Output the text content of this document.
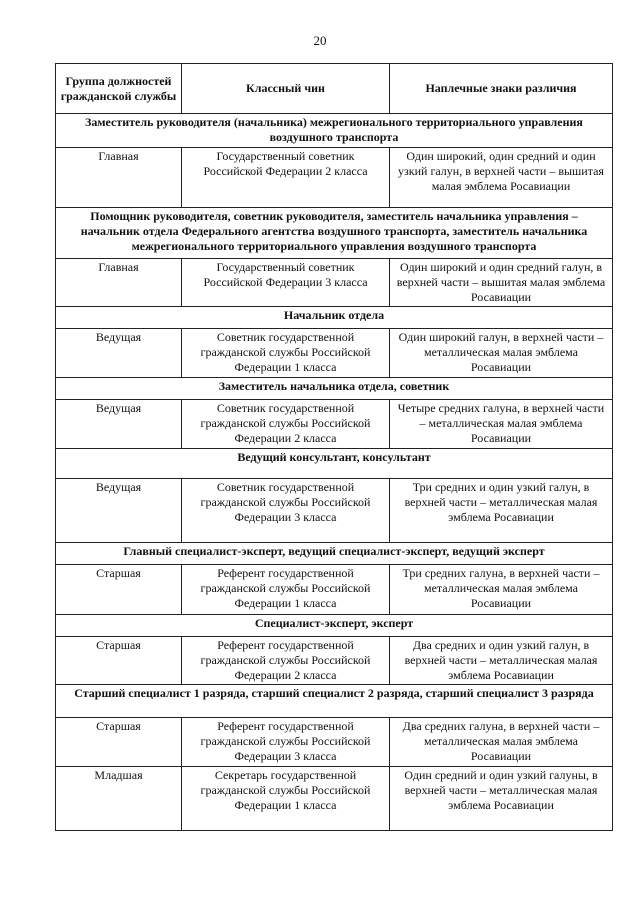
20
Группа должностей гражданской службы	Классный чин	Наплечные знаки различия
Заместитель руководителя (начальника) межрегионального территориального управления воздушного транспорта		
Главная	Государственный советник Российской Федерации 2 класса	Один широкий, один средний и один узкий галун, в верхней части – вышитая малая эмблема Росавиации
Помощник руководителя, советник руководителя, заместитель начальника управления – начальник отдела Федерального агентства воздушного транспорта, заместитель начальника межрегионального территориального управления воздушного транспорта		
Главная	Государственный советник Российской Федерации 3 класса	Один широкий и один средний галун, в верхней части – вышитая малая эмблема Росавиации
Начальник отдела		
Ведущая	Советник государственной гражданской службы Российской Федерации 1 класса	Один широкий галун, в верхней части – металлическая малая эмблема Росавиации
Заместитель начальника отдела, советник		
Ведущая	Советник государственной гражданской службы Российской Федерации 2 класса	Четыре средних галуна, в верхней части – металлическая малая эмблема Росавиации
Ведущий консультант, консультант		
Ведущая	Советник государственной гражданской службы Российской Федерации 3 класса	Три средних и один узкий галун, в верхней части – металлическая малая эмблема Росавиации
Главный специалист-эксперт, ведущий специалист-эксперт, ведущий эксперт		
Старшая	Референт государственной гражданской службы Российской Федерации 1 класса	Три средних галуна, в верхней части – металлическая малая эмблема Росавиации
Специалист-эксперт, эксперт		
Старшая	Референт государственной гражданской службы Российской Федерации 2 класса	Два средних и один узкий галун, в верхней части – металлическая малая эмблема Росавиации
Старший специалист 1 разряда, старший специалист 2 разряда, старший специалист 3 разряда		
Старшая	Референт государственной гражданской службы Российской Федерации 3 класса	Два средних галуна, в верхней части – металлическая малая эмблема Росавиации
Младшая	Секретарь государственной гражданской службы Российской Федерации 1 класса	Один средний и один узкий галуны, в верхней части – металлическая малая эмблема Росавиации
